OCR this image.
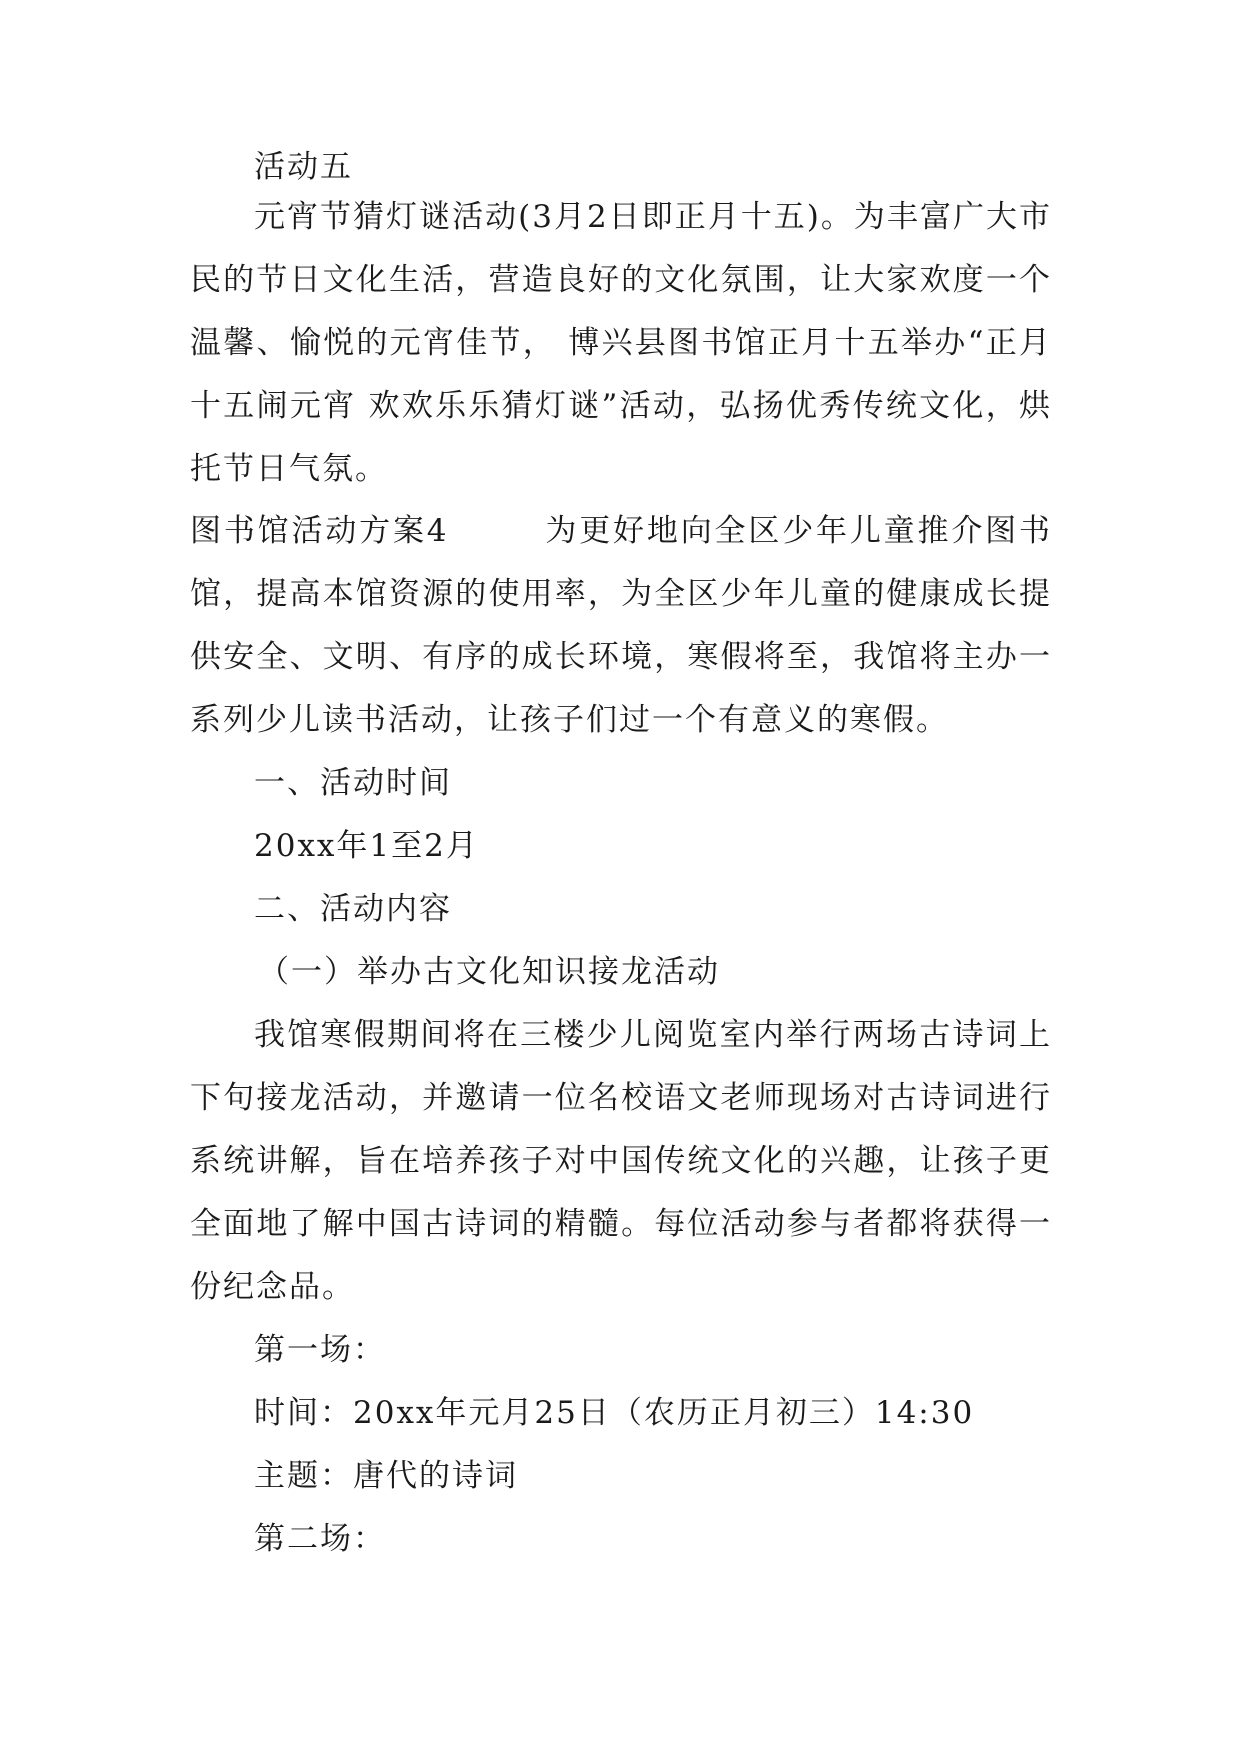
活动五

元宵节猜灯谜活动(3月2日即正月十五)。为丰富广大市民的节日文化生活，营造良好的文化氛围，让大家欢度一个温馨、愉悦的元宵佳节， 博兴县图书馆正月十五举办“正月十五闹元宵 欢欢乐乐猜灯谜”活动，弘扬优秀传统文化，烘托节日气氛。

图书馆活动方案4	为更好地向全区少年儿童推介图书馆，提高本馆资源的使用率，为全区少年儿童的健康成长提供安全、文明、有序的成长环境，寒假将至，我馆将主办一系列少儿读书活动，让孩子们过一个有意义的寒假。

一、活动时间

20xx年1至2月

二、活动内容

（一）举办古文化知识接龙活动

我馆寒假期间将在三楼少儿阅览室内举行两场古诗词上下句接龙活动，并邀请一位名校语文老师现场对古诗词进行系统讲解，旨在培养孩子对中国传统文化的兴趣，让孩子更全面地了解中国古诗词的精髓。每位活动参与者都将获得一份纪念品。

第一场：

时间：20xx年元月25日（农历正月初三）14:30

主题：唐代的诗词

第二场：
